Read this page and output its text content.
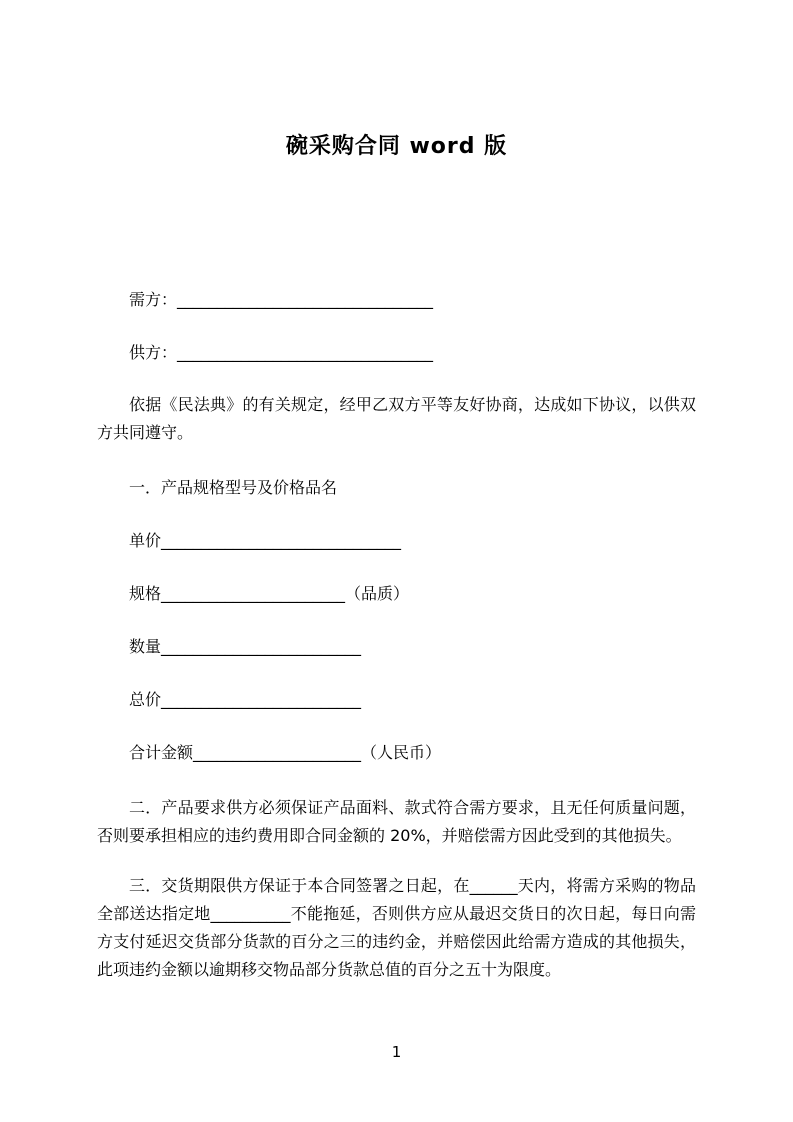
碗采购合同 word 版
需方：________________________________
供方：________________________________

依据《民法典》的有关规定，经甲乙双方平等友好协商，达成如下协议，以供双方共同遵守。

一．产品规格型号及价格品名
单价______________________________
规格_______________________（品质）
数量_________________________
总价_________________________
合计金额_____________________（人民币）

二．产品要求供方必须保证产品面料、款式符合需方要求，且无任何质量问题，否则要承担相应的违约费用即合同金额的 20%，并赔偿需方因此受到的其他损失。

三．交货期限供方保证于本合同签署之日起，在______天内，将需方采购的物品全部送达指定地__________不能拖延，否则供方应从最迟交货日的次日起，每日向需方支付延迟交货部分货款的百分之三的违约金，并赔偿因此给需方造成的其他损失，此项违约金额以逾期移交物品部分货款总值的百分之五十为限度。

1
